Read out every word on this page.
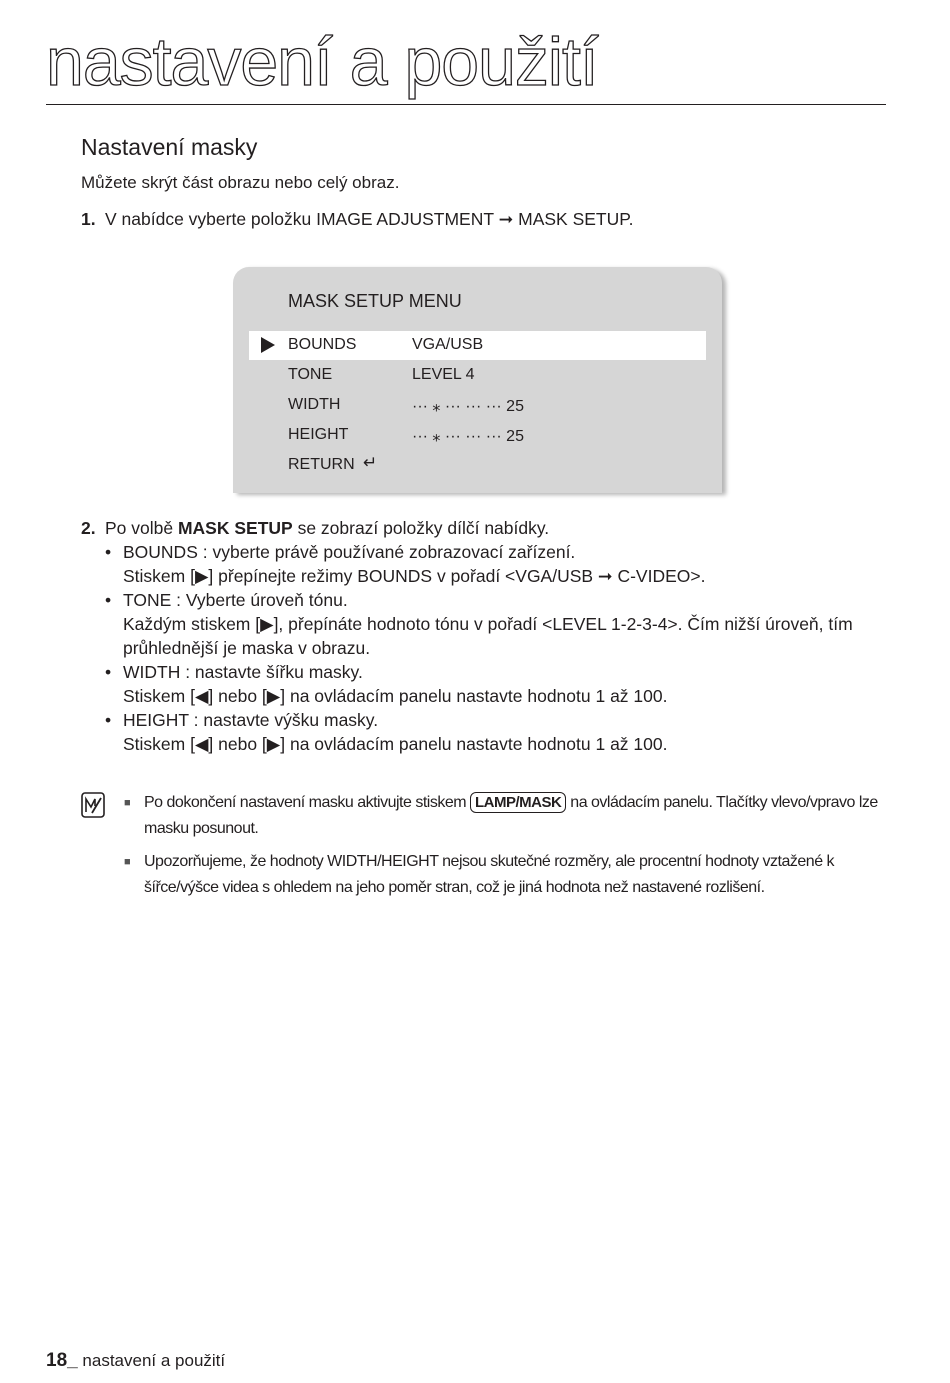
nastavení a použití
Nastavení masky
Můžete skrýt část obrazu nebo celý obraz.
1. V nabídce vyberte položku IMAGE ADJUSTMENT ➞ MASK SETUP.
MASK SETUP MENU
BOUNDS	VGA/USB
TONE	LEVEL 4
WIDTH	··· ⁎ ··· ··· ··· 25
HEIGHT	··· ⁎ ··· ··· ··· 25
RETURN ↵

2. Po volbě MASK SETUP se zobrazí položky dílčí nabídky.

• BOUNDS : vyberte právě používané zobrazovací zařízení.

Stiskem [▶] přepínejte režimy BOUNDS v pořadí <VGA/USB ➞ C-VIDEO>.

• TONE : Vyberte úroveň tónu.

Každým stiskem [▶], přepínáte hodnoto tónu v pořadí <LEVEL 1-2-3-4>. Čím nižší úroveň, tím

průhlednější je maska v obrazu.

• WIDTH : nastavte šířku masky.

Stiskem [◀] nebo [▶] na ovládacím panelu nastavte hodnotu 1 až 100.

• HEIGHT : nastavte výšku masky.

Stiskem [◀] nebo [▶] na ovládacím panelu nastavte hodnotu 1 až 100.

■ Po dokončení nastavení masku aktivujte stiskem LAMP/MASK na ovládacím panelu. Tlačítky vlevo/vpravo lze masku posunout.
■ Upozorňujeme, že hodnoty WIDTH/HEIGHT nejsou skutečné rozměry, ale procentní hodnoty vztažené k šířce/výšce videa s ohledem na jeho poměr stran, což je jiná hodnota než nastavené rozlišení.
18_ nastavení a použití
